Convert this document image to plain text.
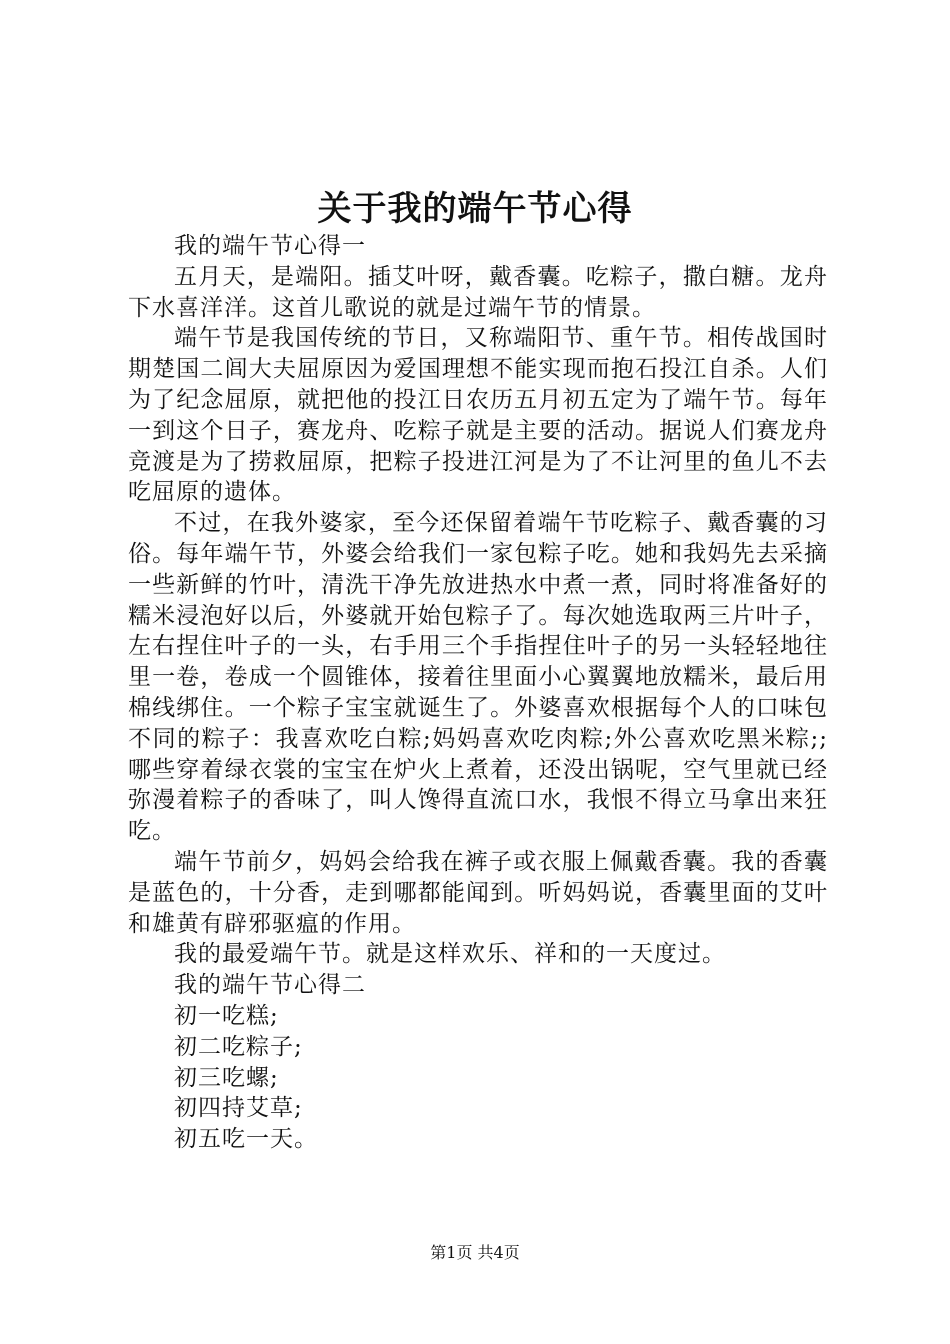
关于我的端午节心得

我的端午节心得一

五月天，是端阳。插艾叶呀，戴香囊。吃粽子，撒白糖。龙舟下水喜洋洋。这首儿歌说的就是过端午节的情景。

端午节是我国传统的节日，又称端阳节、重午节。相传战国时期楚国二闾大夫屈原因为爱国理想不能实现而抱石投江自杀。人们为了纪念屈原，就把他的投江日农历五月初五定为了端午节。每年一到这个日子，赛龙舟、吃粽子就是主要的活动。据说人们赛龙舟竞渡是为了捞救屈原，把粽子投进江河是为了不让河里的鱼儿不去吃屈原的遗体。

不过，在我外婆家，至今还保留着端午节吃粽子、戴香囊的习俗。每年端午节，外婆会给我们一家包粽子吃。她和我妈先去采摘一些新鲜的竹叶，清洗干净先放进热水中煮一煮，同时将准备好的糯米浸泡好以后，外婆就开始包粽子了。每次她选取两三片叶子，左右捏住叶子的一头，右手用三个手指捏住叶子的另一头轻轻地往里一卷，卷成一个圆锥体，接着往里面小心翼翼地放糯米，最后用棉线绑住。一个粽子宝宝就诞生了。外婆喜欢根据每个人的口味包不同的粽子：我喜欢吃白粽;妈妈喜欢吃肉粽;外公喜欢吃黑米粽;;哪些穿着绿衣裳的宝宝在炉火上煮着，还没出锅呢，空气里就已经弥漫着粽子的香味了，叫人馋得直流口水，我恨不得立马拿出来狂吃。

端午节前夕，妈妈会给我在裤子或衣服上佩戴香囊。我的香囊是蓝色的，十分香，走到哪都能闻到。听妈妈说，香囊里面的艾叶和雄黄有辟邪驱瘟的作用。

我的最爱端午节。就是这样欢乐、祥和的一天度过。

我的端午节心得二

初一吃糕;

初二吃粽子;

初三吃螺;

初四持艾草;

初五吃一天。

第1页 共4页
